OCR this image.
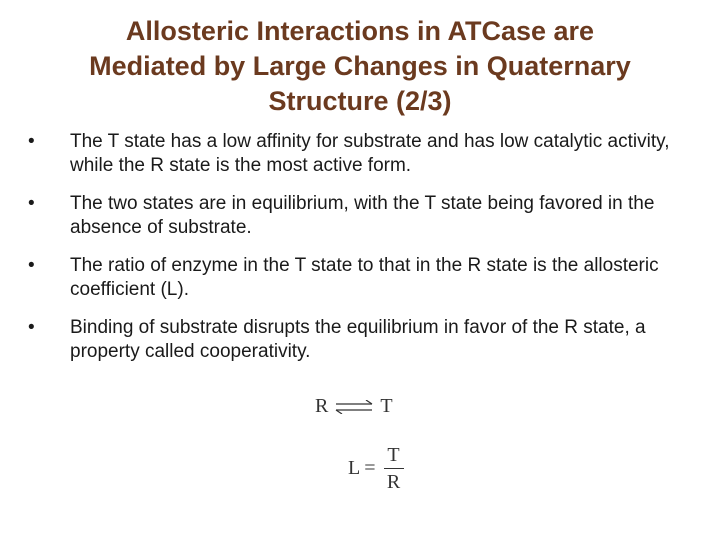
Allosteric Interactions in ATCase are
Mediated by Large Changes in Quaternary
Structure (2/3)
•	The T state has a low affinity for substrate and has low catalytic activity, while the R state is the most active form.
•	The two states are in equilibrium, with the T state being favored in the absence of substrate.
•	The ratio of enzyme in the T state to that in the R state is the allosteric coefficient (L).
•	Binding of substrate disrupts the equilibrium in favor of the R state, a property called cooperativity.
R ⇌ T
$L = \frac{T}{R}$
